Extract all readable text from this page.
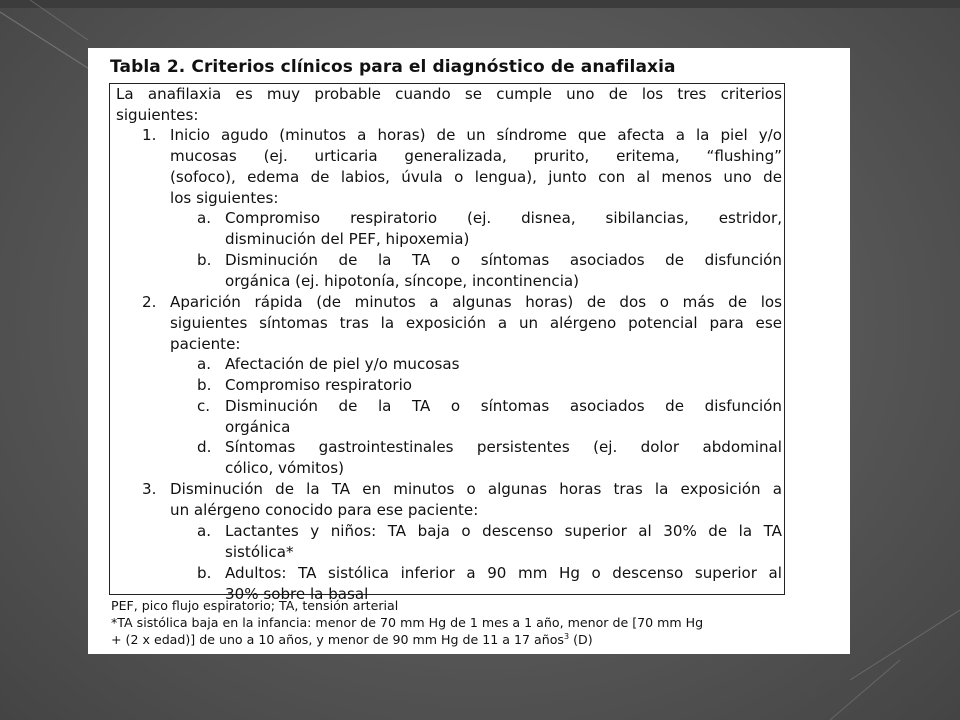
Tabla 2. Criterios clínicos para el diagnóstico de anafilaxia
La anafilaxia es muy probable cuando se cumple uno de los tres criterios
siguientes:
1. Inicio agudo (minutos a horas) de un síndrome que afecta a la piel y/o
mucosas (ej. urticaria generalizada, prurito, eritema, “flushing”
(sofoco), edema de labios, úvula o lengua), junto con al menos uno de
los siguientes:
a. Compromiso respiratorio (ej. disnea, sibilancias, estridor,
disminución del PEF, hipoxemia)
b. Disminución de la TA o síntomas asociados de disfunción
orgánica (ej. hipotonía, síncope, incontinencia)
2. Aparición rápida (de minutos a algunas horas) de dos o más de los
siguientes síntomas tras la exposición a un alérgeno potencial para ese
paciente:
a. Afectación de piel y/o mucosas
b. Compromiso respiratorio
c. Disminución de la TA o síntomas asociados de disfunción
orgánica
d. Síntomas gastrointestinales persistentes (ej. dolor abdominal
cólico, vómitos)
3. Disminución de la TA en minutos o algunas horas tras la exposición a
un alérgeno conocido para ese paciente:
a. Lactantes y niños: TA baja o descenso superior al 30% de la TA
sistólica*
b. Adultos: TA sistólica inferior a 90 mm Hg o descenso superior al
30% sobre la basal
PEF, pico flujo espiratorio; TA, tensión arterial
*TA sistólica baja en la infancia: menor de 70 mm Hg de 1 mes a 1 año, menor de [70 mm Hg
+ (2 x edad)] de uno a 10 años, y menor de 90 mm Hg de 11 a 17 años$^3$ (D)
